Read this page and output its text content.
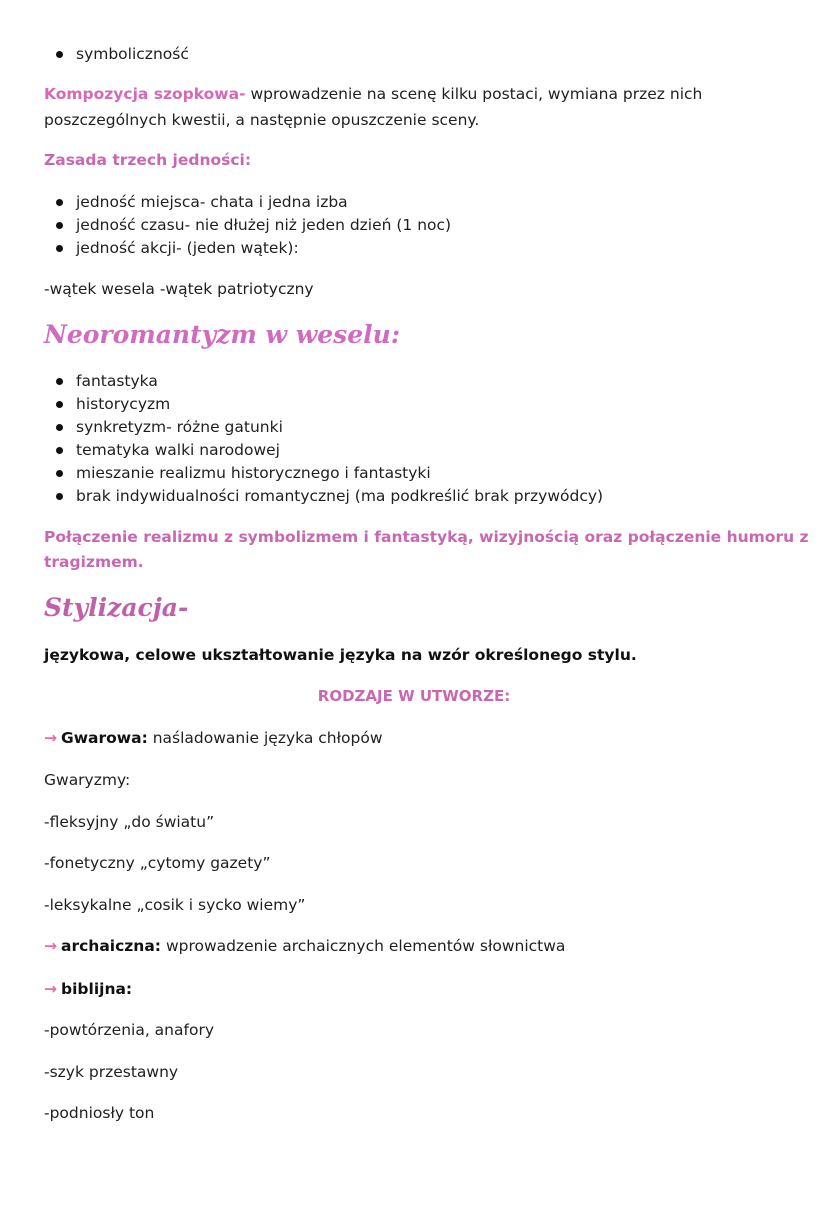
symboliczność
Kompozycja szopkowa- wprowadzenie na scenę kilku postaci, wymiana przez nich
poszczególnych kwestii, a następnie opuszczenie sceny.
Zasada trzech jedności:
jedność miejsca- chata i jedna izba
jedność czasu- nie dłużej niż jeden dzień (1 noc)
jedność akcji- (jeden wątek):
-wątek wesela -wątek patriotyczny
Neoromantyzm w weselu:
fantastyka
historycyzm
synkretyzm- różne gatunki
tematyka walki narodowej
mieszanie realizmu historycznego i fantastyki
brak indywidualności romantycznej (ma podkreślić brak przywódcy)
Połączenie realizmu z symbolizmem i fantastyką, wizyjnością oraz połączenie humoru z
tragizmem.
Stylizacja-
językowa, celowe ukształtowanie języka na wzór określonego stylu.
RODZAJE W UTWORZE:
→ Gwarowa: naśladowanie języka chłopów
Gwaryzmy:
-fleksyjny „do światu”
-fonetyczny „cytomy gazety”
-leksykalne „cosik i sycko wiemy”
→ archaiczna: wprowadzenie archaicznych elementów słownictwa
→ biblijna:
-powtórzenia, anafory
-szyk przestawny
-podniosły ton
